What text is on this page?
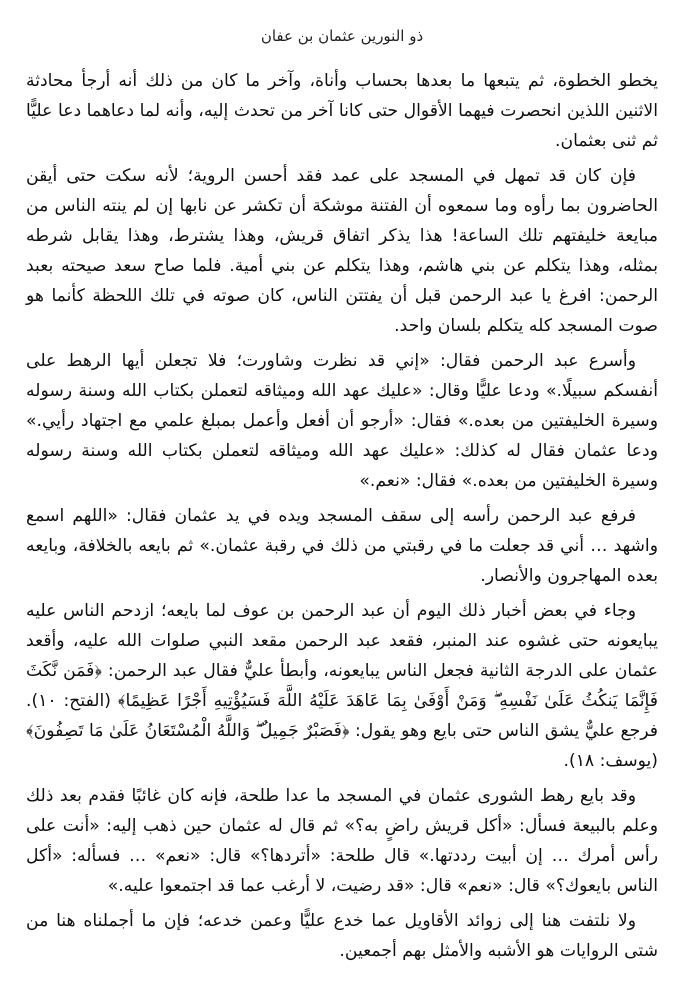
ذو النورين عثمان بن عفان

يخطو الخطوة، ثم يتبعها ما بعدها بحساب وأناة، وآخر ما كان من ذلك أنه أرجأ محادثة الاثنين اللذين انحصرت فيهما الأقوال حتى كانا آخر من تحدث إليه، وأنه لما دعاهما دعا عليًّا ثم ثنى بعثمان.

فإن كان قد تمهل في المسجد على عمد فقد أحسن الروية؛ لأنه سكت حتى أيقن الحاضرون بما رأوه وما سمعوه أن الفتنة موشكة أن تكشر عن نابها إن لم ينته الناس من مبايعة خليفتهم تلك الساعة! هذا يذكر اتفاق قريش، وهذا يشترط، وهذا يقابل شرطه بمثله، وهذا يتكلم عن بني هاشم، وهذا يتكلم عن بني أمية. فلما صاح سعد صيحته بعبد الرحمن: افرغ يا عبد الرحمن قبل أن يفتتن الناس، كان صوته في تلك اللحظة كأنما هو صوت المسجد كله يتكلم بلسان واحد.

وأسرع عبد الرحمن فقال: «إني قد نظرت وشاورت؛ فلا تجعلن أيها الرهط على أنفسكم سبيلًا.» ودعا عليًّا وقال: «عليك عهد الله وميثاقه لتعملن بكتاب الله وسنة رسوله وسيرة الخليفتين من بعده.» فقال: «أرجو أن أفعل وأعمل بمبلغ علمي مع اجتهاد رأيي.» ودعا عثمان فقال له كذلك: «عليك عهد الله وميثاقه لتعملن بكتاب الله وسنة رسوله وسيرة الخليفتين من بعده.» فقال: «نعم.»

فرفع عبد الرحمن رأسه إلى سقف المسجد ويده في يد عثمان فقال: «اللهم اسمع واشهد … أني قد جعلت ما في رقبتي من ذلك في رقبة عثمان.» ثم بايعه بالخلافة، وبايعه بعده المهاجرون والأنصار.

وجاء في بعض أخبار ذلك اليوم أن عبد الرحمن بن عوف لما بايعه؛ ازدحم الناس عليه يبايعونه حتى غشوه عند المنبر، فقعد عبد الرحمن مقعد النبي صلوات الله عليه، وأقعد عثمان على الدرجة الثانية فجعل الناس يبايعونه، وأبطأ عليٌّ فقال عبد الرحمن: ﴿فَمَن نَّكَثَ فَإِنَّمَا يَنكُثُ عَلَىٰ نَفْسِهِ ۖ وَمَنْ أَوْفَىٰ بِمَا عَاهَدَ عَلَيْهُ اللَّهَ فَسَيُؤْتِيهِ أَجْرًا عَظِيمًا﴾ (الفتح: ١٠). فرجع عليٌّ يشق الناس حتى بايع وهو يقول: ﴿فَصَبْرٌ جَمِيلٌ ۖ وَاللَّهُ الْمُسْتَعَانُ عَلَىٰ مَا تَصِفُونَ﴾ (يوسف: ١٨).

وقد بايع رهط الشورى عثمان في المسجد ما عدا طلحة، فإنه كان غائبًا فقدم بعد ذلك وعلم بالبيعة فسأل: «أكل قريش راضٍ به؟» ثم قال له عثمان حين ذهب إليه: «أنت على رأس أمرك … إن أبيت رددتها.» قال طلحة: «أتردها؟» قال: «نعم» … فسأله: «أكل الناس بايعوك؟» قال: «نعم» قال: «قد رضيت، لا أرغب عما قد اجتمعوا عليه.»

ولا نلتفت هنا إلى زوائد الأقاويل عما خدع عليًّا وعمن خدعه؛ فإن ما أجملناه هنا من شتى الروايات هو الأشبه والأمثل بهم أجمعين.
